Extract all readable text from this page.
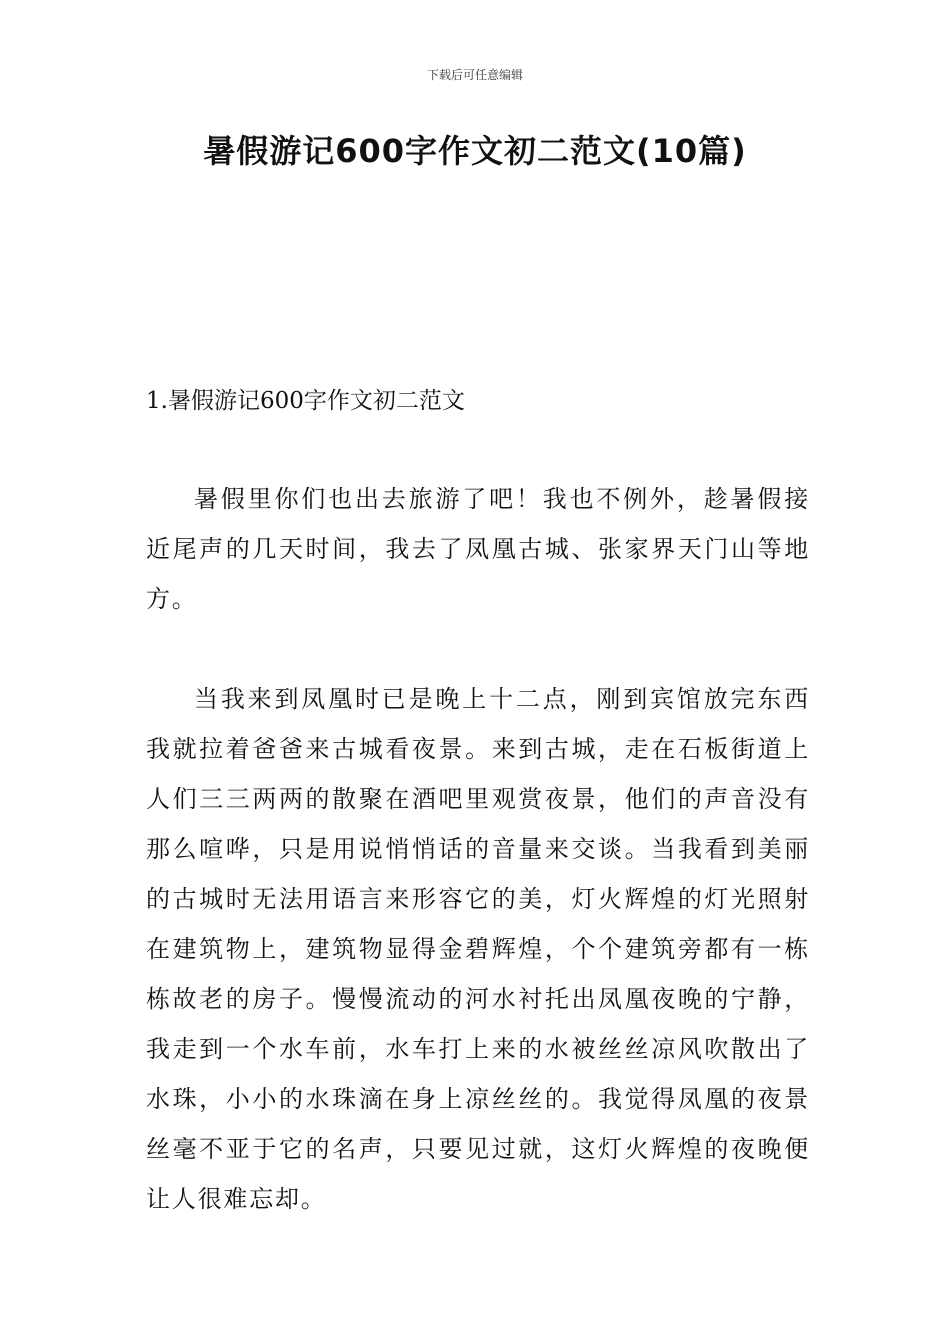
下载后可任意编辑
暑假游记600字作文初二范文(10篇)
1.暑假游记600字作文初二范文

暑假里你们也出去旅游了吧！我也不例外，趁暑假接近尾声的几天时间，我去了凤凰古城、张家界天门山等地方。

当我来到凤凰时已是晚上十二点，刚到宾馆放完东西我就拉着爸爸来古城看夜景。来到古城，走在石板街道上人们三三两两的散聚在酒吧里观赏夜景，他们的声音没有那么喧哗，只是用说悄悄话的音量来交谈。当我看到美丽的古城时无法用语言来形容它的美，灯火辉煌的灯光照射在建筑物上，建筑物显得金碧辉煌，个个建筑旁都有一栋栋故老的房子。慢慢流动的河水衬托出凤凰夜晚的宁静，我走到一个水车前，水车打上来的水被丝丝凉风吹散出了水珠，小小的水珠滴在身上凉丝丝的。我觉得凤凰的夜景丝毫不亚于它的名声，只要见过就，这灯火辉煌的夜晚便让人很难忘却。
